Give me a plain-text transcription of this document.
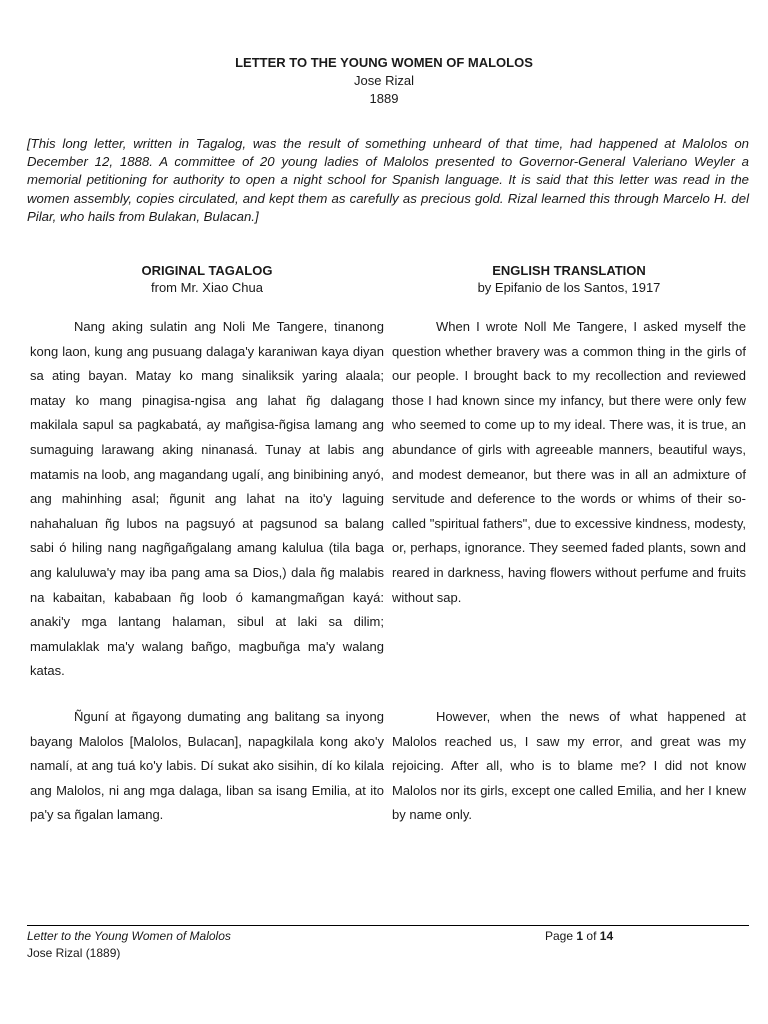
LETTER TO THE YOUNG WOMEN OF MALOLOS
Jose Rizal
1889
[This long letter, written in Tagalog, was the result of something unheard of that time, had happened at Malolos on December 12, 1888. A committee of 20 young ladies of Malolos presented to Governor-General Valeriano Weyler a memorial petitioning for authority to open a night school for Spanish language. It is said that this letter was read in the women assembly, copies circulated, and kept them as carefully as precious gold. Rizal learned this through Marcelo H. del Pilar, who hails from Bulakan, Bulacan.]
ORIGINAL TAGALOG
from Mr. Xiao Chua

Nang aking sulatin ang Noli Me Tangere, tinanong kong laon, kung ang pusuang dalaga'y karaniwan kaya diyan sa ating bayan. Matay ko mang sinaliksik yaring alaala; matay ko mang pinagisa-ngisa ang lahat ñg dalagang makilala sapul sa pagkabatá, ay mañgisa-ñgisa lamang ang sumaguing larawang aking ninanasá. Tunay at labis ang matamis na loob, ang magandang ugalí, ang binibining anyó, ang mahinhing asal; ñgunit ang lahat na ito'y laguing nahahaluan ñg lubos na pagsuyó at pagsunod sa balang sabi ó hiling nang nagñgañgalang amang kalulua (tila baga ang kaluluwa'y may iba pang ama sa Dios,) dala ñg malabis na kabaitan, kababaan ñg loob ó kamangmañgan kayá: anaki'y mga lantang halaman, sibul at laki sa dilim; mamulaklak ma'y walang bañgo, magbuñga ma'y walang katas.

Ñguní at ñgayong dumating ang balitang sa inyong bayang Malolos [Malolos, Bulacan], napagkilala kong ako'y namalí, at ang tuá ko'y labis. Dí sukat ako sisihin, dí ko kilala ang Malolos, ni ang mga dalaga, liban sa isang Emilia, at ito pa'y sa ñgalan lamang.

ENGLISH TRANSLATION
by Epifanio de los Santos, 1917

When I wrote Noll Me Tangere, I asked myself the question whether bravery was a common thing in the girls of our people. I brought back to my recollection and reviewed those I had known since my infancy, but there were only few who seemed to come up to my ideal. There was, it is true, an abundance of girls with agreeable manners, beautiful ways, and modest demeanor, but there was in all an admixture of servitude and deference to the words or whims of their so-called "spiritual fathers", due to excessive kindness, modesty, or, perhaps, ignorance. They seemed faded plants, sown and reared in darkness, having flowers without perfume and fruits without sap.

However, when the news of what happened at Malolos reached us, I saw my error, and great was my rejoicing. After all, who is to blame me? I did not know Malolos nor its girls, except one called Emilia, and her I knew by name only.

Letter to the Young Women of Malolos
Jose Rizal (1889)
Page 1 of 14
